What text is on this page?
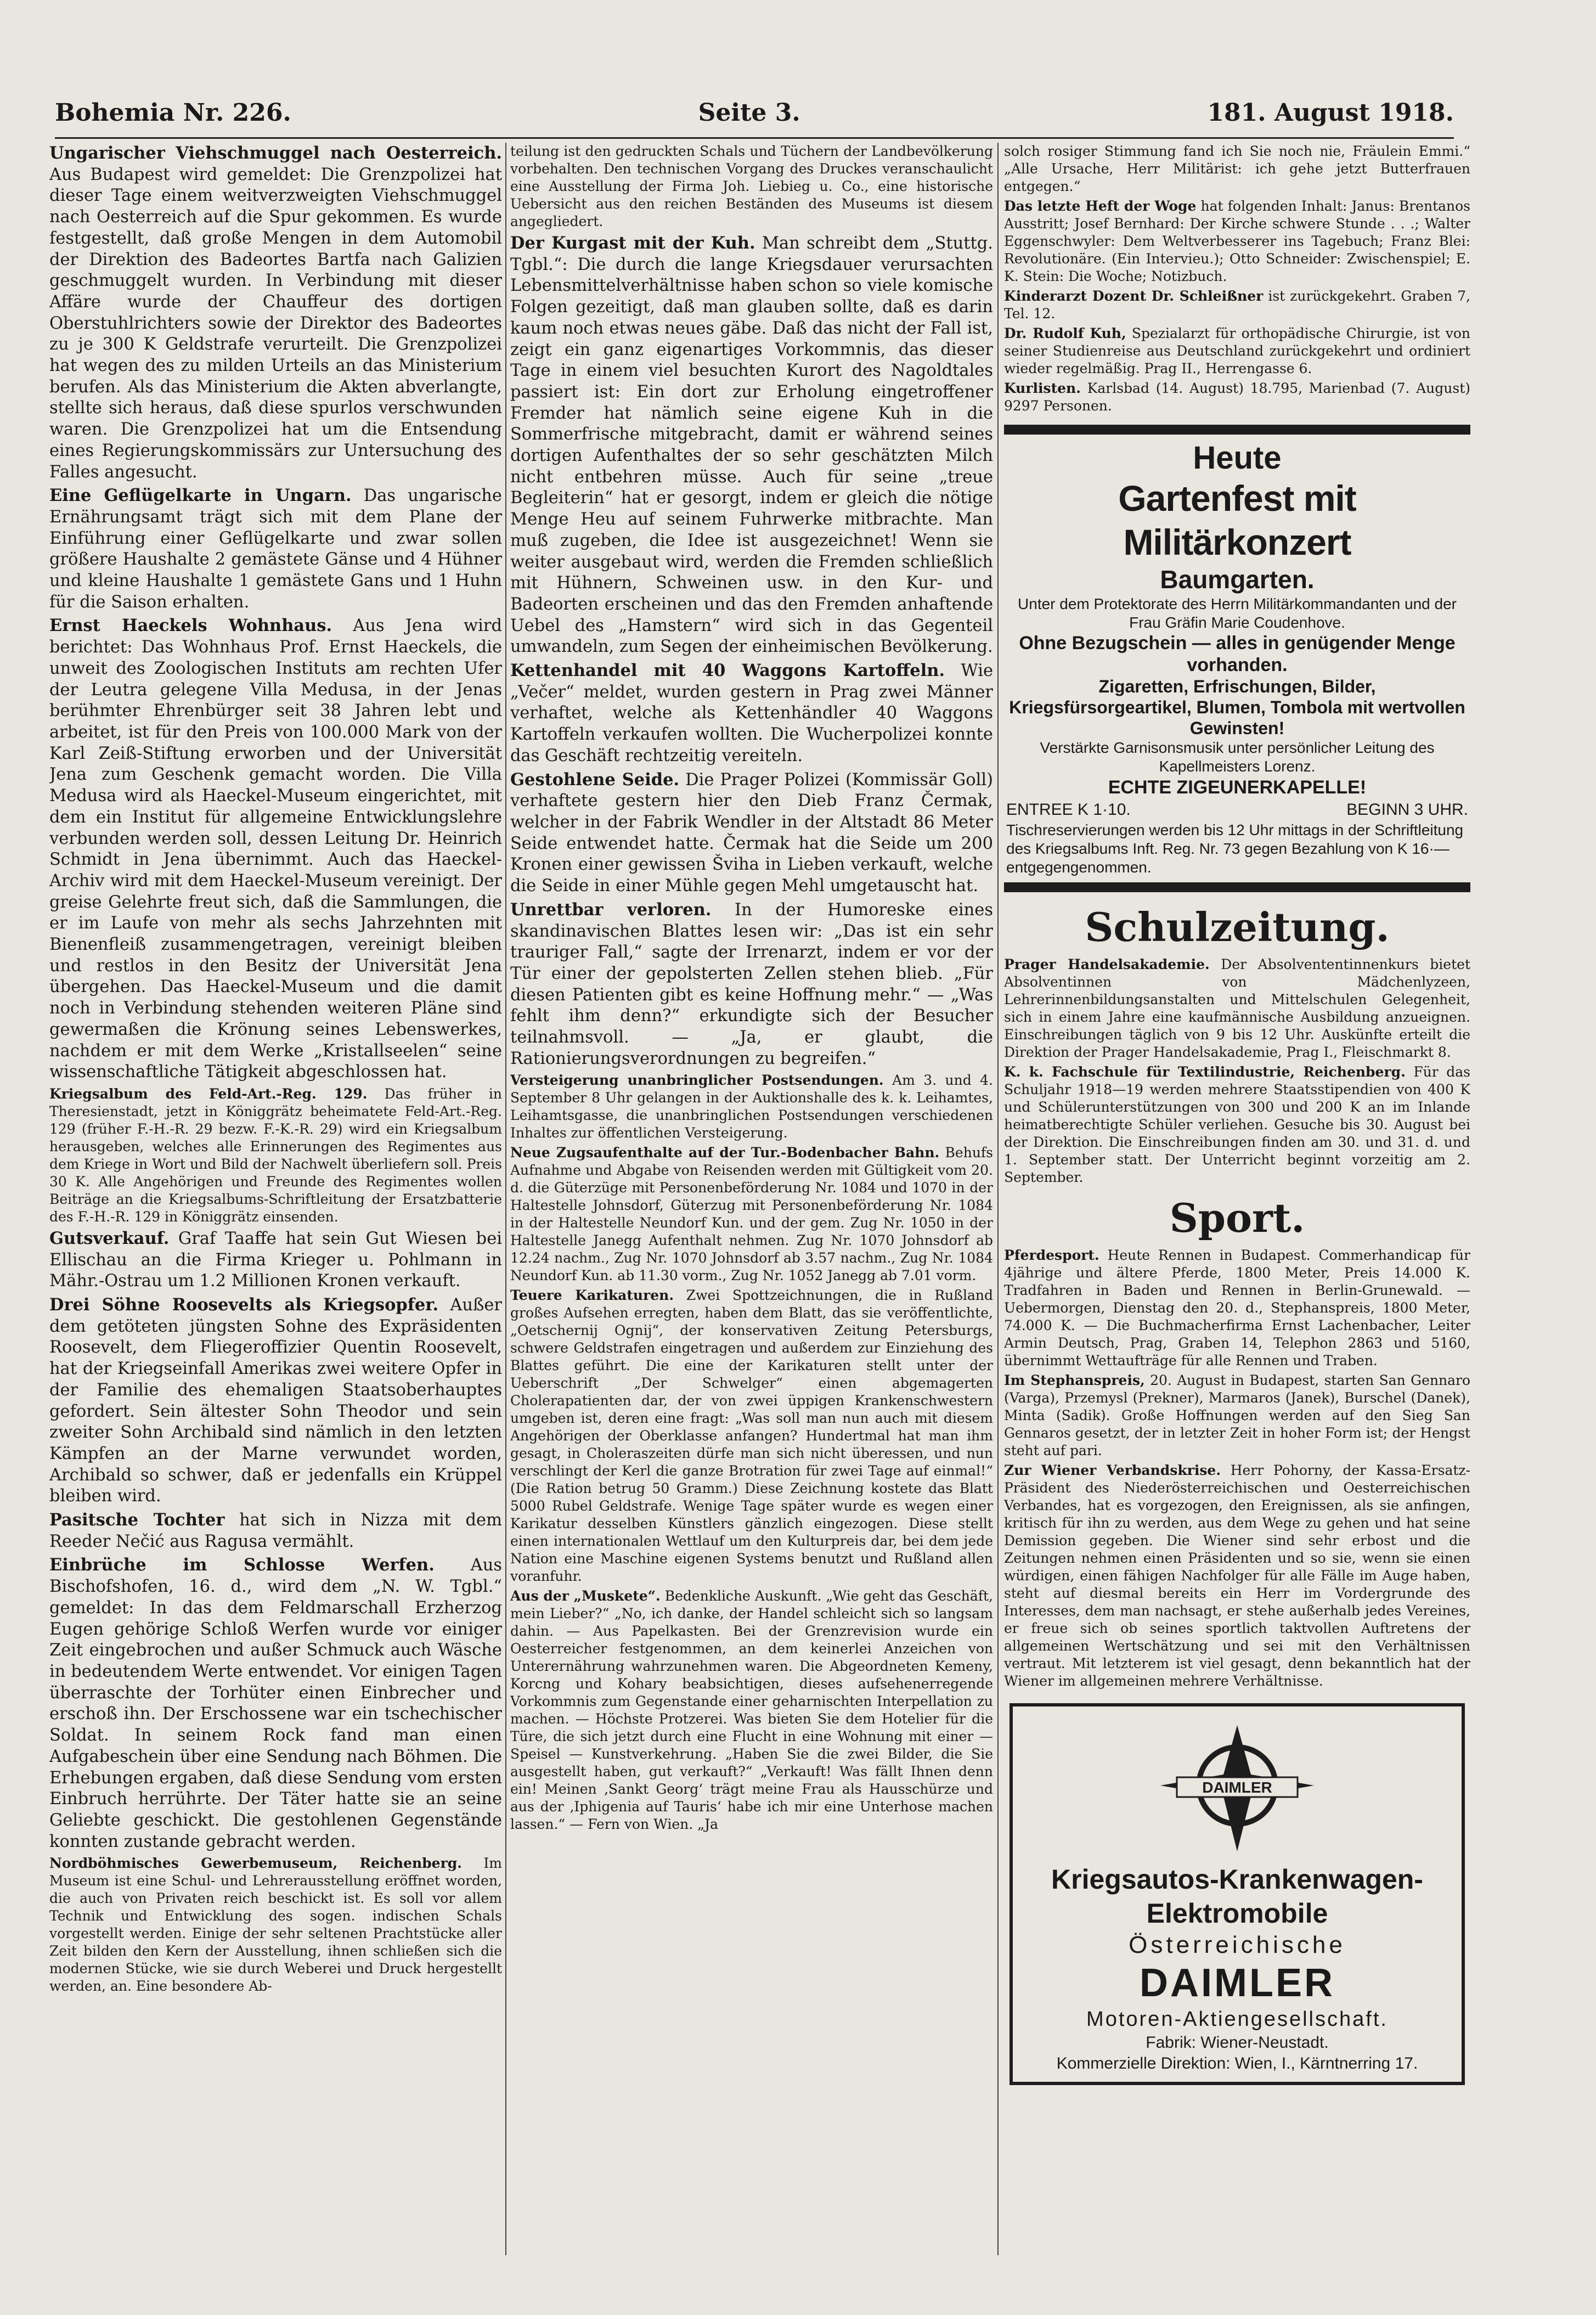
Bohemia Nr. 226.	Seite 3.	181. August 1918.

Ungarischer Viehschmuggel nach Oesterreich. Aus Budapest wird gemeldet: Die Grenzpolizei hat dieser Tage einem weitverzweigten Viehschmuggel nach Oesterreich auf die Spur gekommen. Es wurde festgestellt, daß große Mengen in dem Automobil der Direktion des Badeortes Bartfa nach Galizien geschmuggelt wurden. In Verbindung mit dieser Affäre wurde der Chauffeur des dortigen Oberstuhlrichters sowie der Direktor des Badeortes zu je 300 K Geldstrafe verurteilt. Die Grenzpolizei hat wegen des zu milden Urteils an das Ministerium berufen. Als das Ministerium die Akten abverlangte, stellte sich heraus, daß diese spurlos verschwunden waren. Die Grenzpolizei hat um die Entsendung eines Regierungskommissärs zur Untersuchung des Falles angesucht.

Eine Geflügelkarte in Ungarn. Das ungarische Ernährungsamt trägt sich mit dem Plane der Einführung einer Geflügelkarte und zwar sollen größere Haushalte 2 gemästete Gänse und 4 Hühner und kleine Haushalte 1 gemästete Gans und 1 Huhn für die Saison erhalten.

Ernst Haeckels Wohnhaus. Aus Jena wird berichtet: Das Wohnhaus Prof. Ernst Haeckels, die unweit des Zoologischen Instituts am rechten Ufer der Leutra gelegene Villa Medusa, in der Jenas berühmter Ehrenbürger seit 38 Jahren lebt und arbeitet, ist für den Preis von 100.000 Mark von der Karl Zeiß-Stiftung erworben und der Universität Jena zum Geschenk gemacht worden. Die Villa Medusa wird als Haeckel-Museum eingerichtet, mit dem ein Institut für allgemeine Entwicklungslehre verbunden werden soll, dessen Leitung Dr. Heinrich Schmidt in Jena übernimmt. Auch das Haeckel-Archiv wird mit dem Haeckel-Museum vereinigt. Der greise Gelehrte freut sich, daß die Sammlungen, die er im Laufe von mehr als sechs Jahrzehnten mit Bienenfleiß zusammengetragen, vereinigt bleiben und restlos in den Besitz der Universität Jena übergehen. Das Haeckel-Museum und die damit noch in Verbindung stehenden weiteren Pläne sind gewermaßen die Krönung seines Lebenswerkes, nachdem er mit dem Werke „Kristallseelen“ seine wissenschaftliche Tätigkeit abgeschlossen hat.

Kriegsalbum des Feld-Art.-Reg. 129. Das früher in Theresienstadt, jetzt in Königgrätz beheimatete Feld-Art.-Reg. 129 (früher F.-H.-R. 29 bezw. F.-K.-R. 29) wird ein Kriegsalbum herausgeben, welches alle Erinnerungen des Regimentes aus dem Kriege in Wort und Bild der Nachwelt überliefern soll. Preis 30 K. Alle Angehörigen und Freunde des Regimentes wollen Beiträge an die Kriegsalbums-Schriftleitung der Ersatzbatterie des F.-H.-R. 129 in Königgrätz einsenden.

Gutsverkauf. Graf Taaffe hat sein Gut Wiesen bei Ellischau an die Firma Krieger u. Pohlmann in Mähr.-Ostrau um 1.2 Millionen Kronen verkauft.

Drei Söhne Roosevelts als Kriegsopfer. Außer dem getöteten jüngsten Sohne des Expräsidenten Roosevelt, dem Fliegeroffizier Quentin Roosevelt, hat der Kriegseinfall Amerikas zwei weitere Opfer in der Familie des ehemaligen Staatsoberhauptes gefordert. Sein ältester Sohn Theodor und sein zweiter Sohn Archibald sind nämlich in den letzten Kämpfen an der Marne verwundet worden, Archibald so schwer, daß er jedenfalls ein Krüppel bleiben wird.

Pasitsche Tochter hat sich in Nizza mit dem Reeder Nečić aus Ragusa vermählt.

Einbrüche im Schlosse Werfen. Aus Bischofshofen, 16. d., wird dem „N. W. Tgbl.“ gemeldet: In das dem Feldmarschall Erzherzog Eugen gehörige Schloß Werfen wurde vor einiger Zeit eingebrochen und außer Schmuck auch Wäsche in bedeutendem Werte entwendet. Vor einigen Tagen überraschte der Torhüter einen Einbrecher und erschoß ihn. Der Erschossene war ein tschechischer Soldat. In seinem Rock fand man einen Aufgabeschein über eine Sendung nach Böhmen. Die Erhebungen ergaben, daß diese Sendung vom ersten Einbruch herrührte. Der Täter hatte sie an seine Geliebte geschickt. Die gestohlenen Gegenstände konnten zustande gebracht werden.

Nordböhmisches Gewerbemuseum, Reichenberg. Im Museum ist eine Schul- und Lehrerausstellung eröffnet worden, die auch von Privaten reich beschickt ist. Es soll vor allem Technik und Entwicklung des sogen. indischen Schals vorgestellt werden. Einige der sehr seltenen Prachtstücke aller Zeit bilden den Kern der Ausstellung, ihnen schließen sich die modernen Stücke, wie sie durch Weberei und Druck hergestellt werden, an. Eine besondere Ab-

teilung ist den gedruckten Schals und Tüchern der Landbevölkerung vorbehalten. Den technischen Vorgang des Druckes veranschaulicht eine Ausstellung der Firma Joh. Liebieg u. Co., eine historische Uebersicht aus den reichen Beständen des Museums ist diesem angegliedert.

Der Kurgast mit der Kuh. Man schreibt dem „Stuttg. Tgbl.“: Die durch die lange Kriegsdauer verursachten Lebensmittelverhältnisse haben schon so viele komische Folgen gezeitigt, daß man glauben sollte, daß es darin kaum noch etwas neues gäbe. Daß das nicht der Fall ist, zeigt ein ganz eigenartiges Vorkommnis, das dieser Tage in einem viel besuchten Kurort des Nagoldtales passiert ist: Ein dort zur Erholung eingetroffener Fremder hat nämlich seine eigene Kuh in die Sommerfrische mitgebracht, damit er während seines dortigen Aufenthaltes der so sehr geschätzten Milch nicht entbehren müsse. Auch für seine „treue Begleiterin“ hat er gesorgt, indem er gleich die nötige Menge Heu auf seinem Fuhrwerke mitbrachte. Man muß zugeben, die Idee ist ausgezeichnet! Wenn sie weiter ausgebaut wird, werden die Fremden schließlich mit Hühnern, Schweinen usw. in den Kur- und Badeorten erscheinen und das den Fremden anhaftende Uebel des „Hamstern“ wird sich in das Gegenteil umwandeln, zum Segen der einheimischen Bevölkerung.

Kettenhandel mit 40 Waggons Kartoffeln. Wie „Večer“ meldet, wurden gestern in Prag zwei Männer verhaftet, welche als Kettenhändler 40 Waggons Kartoffeln verkaufen wollten. Die Wucherpolizei konnte das Geschäft rechtzeitig vereiteln.

Gestohlene Seide. Die Prager Polizei (Kommissär Goll) verhaftete gestern hier den Dieb Franz Čermak, welcher in der Fabrik Wendler in der Altstadt 86 Meter Seide entwendet hatte. Čermak hat die Seide um 200 Kronen einer gewissen Šviha in Lieben verkauft, welche die Seide in einer Mühle gegen Mehl umgetauscht hat.

Unrettbar verloren. In der Humoreske eines skandinavischen Blattes lesen wir: „Das ist ein sehr trauriger Fall,“ sagte der Irrenarzt, indem er vor der Tür einer der gepolsterten Zellen stehen blieb. „Für diesen Patienten gibt es keine Hoffnung mehr.“ — „Was fehlt ihm denn?“ erkundigte sich der Besucher teilnahmsvoll. — „Ja, er glaubt, die Rationierungsverordnungen zu begreifen.“

Versteigerung unanbringlicher Postsendungen. Am 3. und 4. September 8 Uhr gelangen in der Auktionshalle des k. k. Leihamtes, Leihamtsgasse, die unanbringlichen Postsendungen verschiedenen Inhaltes zur öffentlichen Versteigerung.

Neue Zugsaufenthalte auf der Tur.-Bodenbacher Bahn. Behufs Aufnahme und Abgabe von Reisenden werden mit Gültigkeit vom 20. d. die Güterzüge mit Personenbeförderung Nr. 1084 und 1070 in der Haltestelle Johnsdorf, Güterzug mit Personenbeförderung Nr. 1084 in der Haltestelle Neundorf Kun. und der gem. Zug Nr. 1050 in der Haltestelle Janegg Aufenthalt nehmen. Zug Nr. 1070 Johnsdorf ab 12.24 nachm., Zug Nr. 1070 Johnsdorf ab 3.57 nachm., Zug Nr. 1084 Neundorf Kun. ab 11.30 vorm., Zug Nr. 1052 Janegg ab 7.01 vorm.

Teuere Karikaturen. Zwei Spottzeichnungen, die in Rußland großes Aufsehen erregten, haben dem Blatt, das sie veröffentlichte, „Oetschernij Ognij“, der konservativen Zeitung Petersburgs, schwere Geldstrafen eingetragen und außerdem zur Einziehung des Blattes geführt. Die eine der Karikaturen stellt unter der Ueberschrift „Der Schwelger“ einen abgemagerten Cholerapatienten dar, der von zwei üppigen Krankenschwestern umgeben ist, deren eine fragt: „Was soll man nun auch mit diesem Angehörigen der Oberklasse anfangen? Hundertmal hat man ihm gesagt, in Choleraszeiten dürfe man sich nicht überessen, und nun verschlingt der Kerl die ganze Brotration für zwei Tage auf einmal!“ (Die Ration betrug 50 Gramm.) Diese Zeichnung kostete das Blatt 5000 Rubel Geldstrafe. Wenige Tage später wurde es wegen einer Karikatur desselben Künstlers gänzlich eingezogen. Diese stellt einen internationalen Wettlauf um den Kulturpreis dar, bei dem jede Nation eine Maschine eigenen Systems benutzt und Rußland allen voranfuhr.

Aus der „Muskete“. Bedenkliche Auskunft. „Wie geht das Geschäft, mein Lieber?“ „No, ich danke, der Handel schleicht sich so langsam dahin. — Aus Papelkasten. Bei der Grenzrevision wurde ein Oesterreicher festgenommen, an dem keinerlei Anzeichen von Unterernährung wahrzunehmen waren. Die Abgeordneten Kemeny, Korcng und Kohary beabsichtigen, dieses aufsehenerregende Vorkommnis zum Gegenstande einer geharnischten Interpellation zu machen. — Höchste Protzerei. Was bieten Sie dem Hotelier für die Türe, die sich jetzt durch eine Flucht in eine Wohnung mit einer — Speisel — Kunstverkehrung. „Haben Sie die zwei Bilder, die Sie ausgestellt haben, gut verkauft?“ „Verkauft! Was fällt Ihnen denn ein! Meinen ‚Sankt Georg‘ trägt meine Frau als Hausschürze und aus der ‚Iphigenia auf Tauris‘ habe ich mir eine Unterhose machen lassen.“ — Fern von Wien. „Ja

solch rosiger Stimmung fand ich Sie noch nie, Fräulein Emmi.“ „Alle Ursache, Herr Militärist: ich gehe jetzt Butterfrauen entgegen.“

Das letzte Heft der Woge hat folgenden Inhalt: Janus: Brentanos Ausstritt; Josef Bernhard: Der Kirche schwere Stunde . . .; Walter Eggenschwyler: Dem Weltverbesserer ins Tagebuch; Franz Blei: Revolutionäre. (Ein Intervieu.); Otto Schneider: Zwischenspiel; E. K. Stein: Die Woche; Notizbuch.

Kinderarzt Dozent Dr. Schleißner ist zurückgekehrt. Graben 7, Tel. 12.

Dr. Rudolf Kuh, Spezialarzt für orthopädische Chirurgie, ist von seiner Studienreise aus Deutschland zurückgekehrt und ordiniert wieder regelmäßig. Prag II., Herrengasse 6.

Kurlisten. Karlsbad (14. August) 18.795, Marienbad (7. August) 9297 Personen.

Heute
Gartenfest mit Militärkonzert
Baumgarten.
Unter dem Protektorate des Herrn Militärkommandanten und der Frau Gräfin Marie Coudenhove.
Ohne Bezugschein — alles in genügender Menge vorhanden.
Zigaretten, Erfrischungen, Bilder, Kriegsfürsorgeartikel, Blumen, Tombola mit wertvollen Gewinsten!
Verstärkte Garnisonsmusik unter persönlicher Leitung des Kapellmeisters Lorenz.
ECHTE ZIGEUNERKAPELLE!
ENTREE K 1·10.	BEGINN 3 UHR.
Tischreservierungen werden bis 12 Uhr mittags in der Schriftleitung des Kriegsalbums Inft. Reg. Nr. 73 gegen Bezahlung von K 16·— entgegengenommen.
Schulzeitung.

Prager Handelsakademie. Der Absolvententinnenkurs bietet Absolventinnen von Mädchenlyzeen, Lehrerinnenbildungsanstalten und Mittelschulen Gelegenheit, sich in einem Jahre eine kaufmännische Ausbildung anzueignen. Einschreibungen täglich von 9 bis 12 Uhr. Auskünfte erteilt die Direktion der Prager Handelsakademie, Prag I., Fleischmarkt 8.

K. k. Fachschule für Textilindustrie, Reichenberg. Für das Schuljahr 1918—19 werden mehrere Staatsstipendien von 400 K und Schülerunterstützungen von 300 und 200 K an im Inlande heimatberechtigte Schüler verliehen. Gesuche bis 30. August bei der Direktion. Die Einschreibungen finden am 30. und 31. d. und 1. September statt. Der Unterricht beginnt vorzeitig am 2. September.

Sport.

Pferdesport. Heute Rennen in Budapest. Commerhandicap für 4jährige und ältere Pferde, 1800 Meter, Preis 14.000 K. Tradfahren in Baden und Rennen in Berlin-Grunewald. — Uebermorgen, Dienstag den 20. d., Stephanspreis, 1800 Meter, 74.000 K. — Die Buchmacherfirma Ernst Lachenbacher, Leiter Armin Deutsch, Prag, Graben 14, Telephon 2863 und 5160, übernimmt Wettaufträge für alle Rennen und Traben.

Im Stephanspreis, 20. August in Budapest, starten San Gennaro (Varga), Przemysl (Prekner), Marmaros (Janek), Burschel (Danek), Minta (Sadik). Große Hoffnungen werden auf den Sieg San Gennaros gesetzt, der in letzter Zeit in hoher Form ist; der Hengst steht auf pari.

Zur Wiener Verbandskrise. Herr Pohorny, der Kassa-Ersatz-Präsident des Niederösterreichischen und Oesterreichischen Verbandes, hat es vorgezogen, den Ereignissen, als sie anfingen, kritisch für ihn zu werden, aus dem Wege zu gehen und hat seine Demission gegeben. Die Wiener sind sehr erbost und die Zeitungen nehmen einen Präsidenten und so sie, wenn sie einen würdigen, einen fähigen Nachfolger für alle Fälle im Auge haben, steht auf diesmal bereits ein Herr im Vordergrunde des Interesses, dem man nachsagt, er stehe außerhalb jedes Vereines, er freue sich ob seines sportlich taktvollen Auftretens der allgemeinen Wertschätzung und sei mit den Verhältnissen vertraut. Mit letzterem ist viel gesagt, denn bekanntlich hat der Wiener im allgemeinen mehrere Verhältnisse.

DAIMLER
Kriegsautos-Krankenwagen-Elektromobile
Österreichische
DAIMLER
Motoren-Aktiengesellschaft.
Fabrik: Wiener-Neustadt.
Kommerzielle Direktion: Wien, I., Kärntnerring 17.
